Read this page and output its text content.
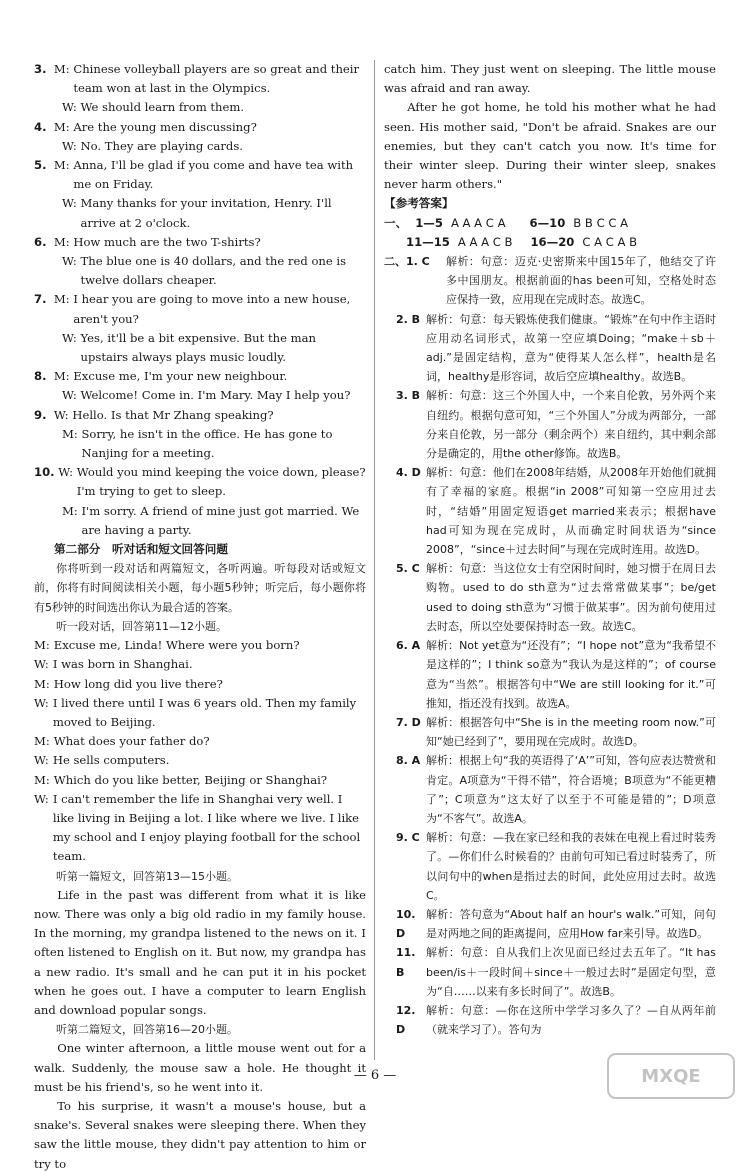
3. M: Chinese volleyball players are so great and their team won at last in the Olympics.
W: We should learn from them.
4. M: Are the young men discussing?
W: No. They are playing cards.
5. M: Anna, I'll be glad if you come and have tea with me on Friday.
W: Many thanks for your invitation, Henry. I'll arrive at 2 o'clock.
6. M: How much are the two T-shirts?
W: The blue one is 40 dollars, and the red one is twelve dollars cheaper.
7. M: I hear you are going to move into a new house, aren't you?
W: Yes, it'll be a bit expensive. But the man upstairs always plays music loudly.
8. M: Excuse me, I'm your new neighbour.
W: Welcome! Come in. I'm Mary. May I help you?
9. W: Hello. Is that Mr Zhang speaking?
M: Sorry, he isn't in the office. He has gone to Nanjing for a meeting.
10. W: Would you mind keeping the voice down, please? I'm trying to get to sleep.
M: I'm sorry. A friend of mine just got married. We are having a party.
第二部分　听对话和短文回答问题

你将听到一段对话和两篇短文，各听两遍。听每段对话或短文前，你将有时间阅读相关小题，每小题5秒钟；听完后，每小题你将有5秒钟的时间选出你认为最合适的答案。

听一段对话，回答第11—12小题。

M: Excuse me, Linda! Where were you born?
W: I was born in Shanghai.
M: How long did you live there?
W: I lived there until I was 6 years old. Then my family moved to Beijing.
M: What does your father do?
W: He sells computers.
M: Which do you like better, Beijing or Shanghai?
W: I can't remember the life in Shanghai very well. I like living in Beijing a lot. I like where we live. I like my school and I enjoy playing football for the school team.

听第一篇短文，回答第13—15小题。

Life in the past was different from what it is like now. There was only a big old radio in my family house. In the morning, my grandpa listened to the news on it. I often listened to English on it. But now, my grandpa has a new radio. It's small and he can put it in his pocket when he goes out. I have a computer to learn English and download popular songs.

听第二篇短文，回答第16—20小题。

One winter afternoon, a little mouse went out for a walk. Suddenly, the mouse saw a hole. He thought it must be his friend's, so he went into it.

To his surprise, it wasn't a mouse's house, but a snake's. Several snakes were sleeping there. When they saw the little mouse, they didn't pay attention to him or try to

catch him. They just went on sleeping. The little mouse was afraid and ran away.

After he got home, he told his mother what he had seen. His mother said, "Don't be afraid. Snakes are our enemies, but they can't catch you now. It's time for their winter sleep. During their winter sleep, snakes never harm others."

【参考答案】
一、 1—5 A A A C A 6—10 B B C C A
11—15 A A A C B 16—20 C A C A B
二、1. C	解析：句意：迈克·史密斯来中国15年了，他结交了许多中国朋友。根据前面的has been可知，空格处时态应保持一致，应用现在完成时态。故选C。
2. B 解析：句意：每天锻炼使我们健康。“锻炼”在句中作主语时应用动名词形式，故第一空应填Doing；“make＋sb＋adj.”是固定结构，意为“使得某人怎么样”，health是名词，healthy是形容词，故后空应填healthy。故选B。
3. B 解析：句意：这三个外国人中，一个来自伦敦，另外两个来自纽约。根据句意可知，“三个外国人”分成为两部分，一部分来自伦敦，另一部分（剩余两个）来自纽约，其中剩余部分是确定的，用the other修饰。故选B。
4. D 解析：句意：他们在2008年结婚，从2008年开始他们就拥有了幸福的家庭。根据“in 2008”可知第一空应用过去时，“结婚”用固定短语get married来表示；根据have had可知为现在完成时，从而确定时间状语为“since 2008”，“since＋过去时间”与现在完成时连用。故选D。
5. C 解析：句意：当这位女士有空闲时间时，她习惯于在周日去购物。used to do sth意为“过去常常做某事”；be/get used to doing sth意为“习惯于做某事”。因为前句使用过去时态，所以空处要保持时态一致。故选C。
6. A 解析：Not yet意为“还没有”；“I hope not”意为“我希望不是这样的”；I think so意为“我认为是这样的”；of course意为“当然”。根据答句中“We are still looking for it.”可推知，指还没有找到。故选A。
7. D 解析：根据答句中“She is in the meeting room now.”可知“她已经到了”，要用现在完成时。故选D。
8. A 解析：根据上句“我的英语得了‘A’”可知，答句应表达赞赏和肯定。A项意为“干得不错”，符合语境；B项意为“不能更糟了”；C项意为“这太好了以至于不可能是错的”；D项意为“不客气”。故选A。
9. C 解析：句意：—我在家已经和我的表妹在电视上看过时装秀了。—你们什么时候看的？由前句可知已看过时装秀了，所以问句中的when是指过去的时间，此处应用过去时。故选C。
10. D
解析：答句意为“About half an hour's walk.”可知，问句是对两地之间的距离提问，应用How far来引导。故选D。
11. B
解析：句意：自从我们上次见面已经过去五年了。“It has been/is＋一段时间＋since＋一般过去时”是固定句型，意为“自……以来有多长时间了”。故选B。
12. D
解析：句意：—你在这所中学学习多久了？—自从两年前（就来学习了）。答句为
— 6 —	MXQE
